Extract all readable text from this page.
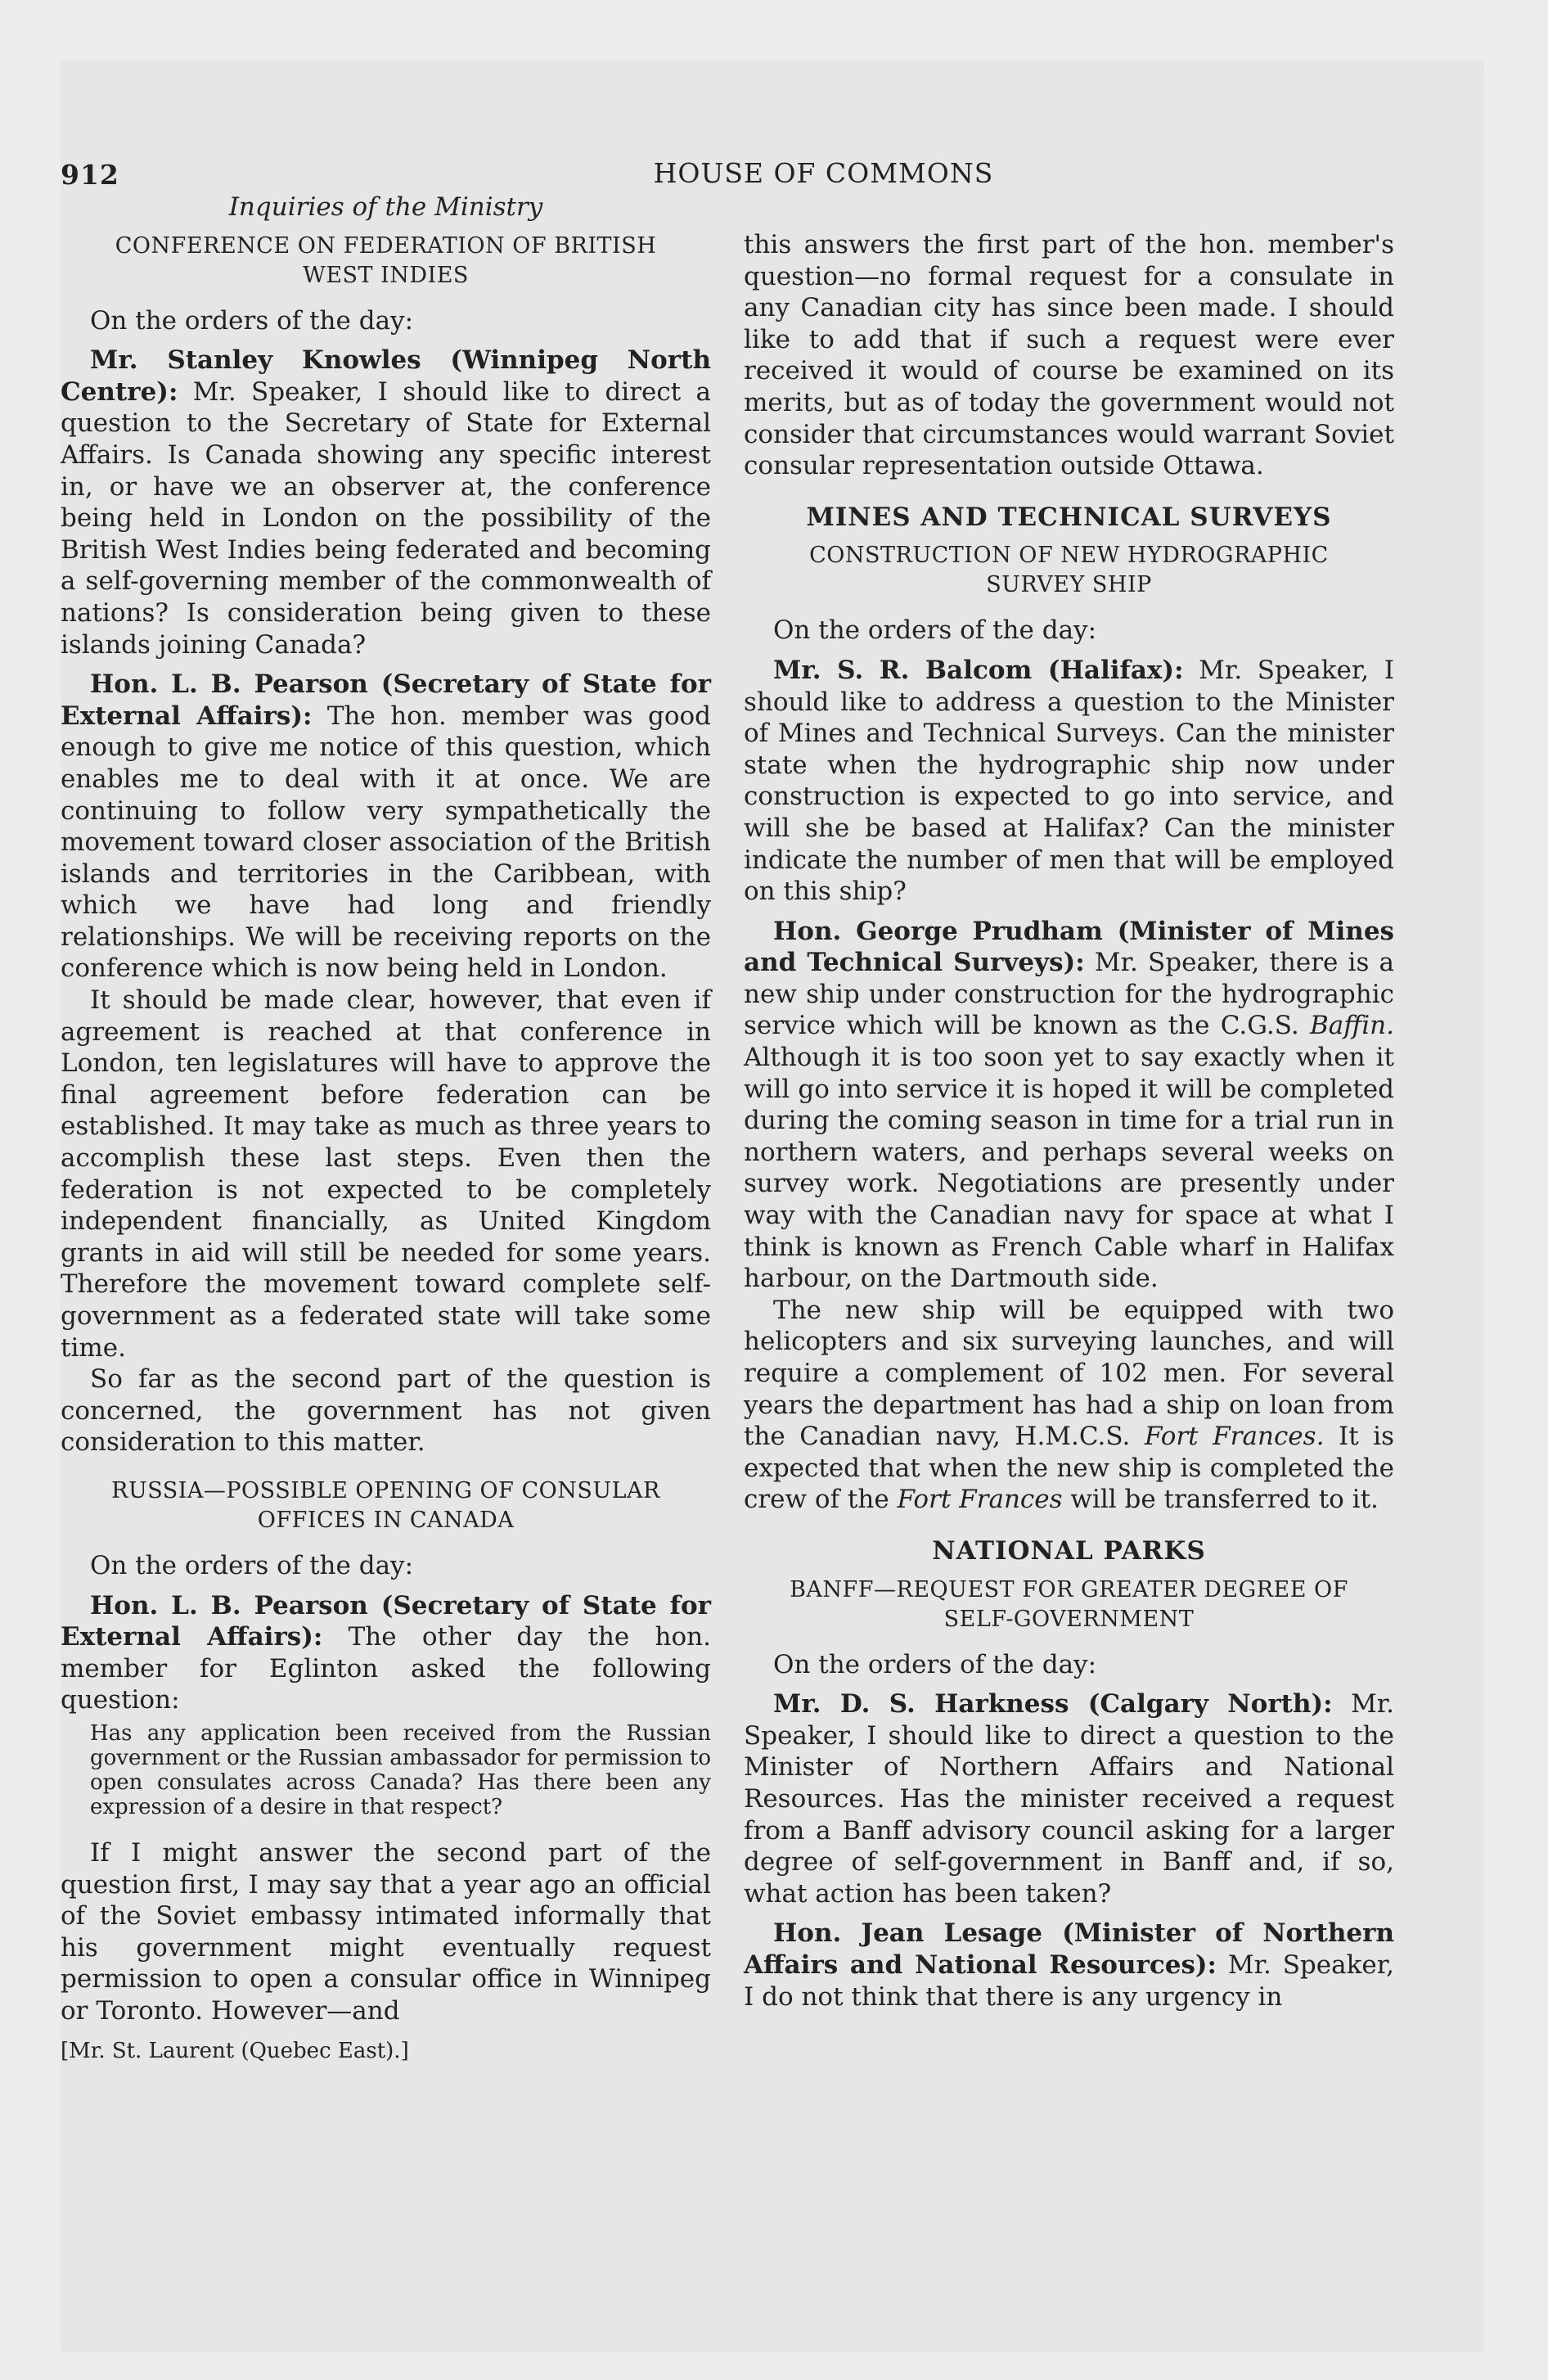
912	HOUSE OF COMMONS
Inquiries of the Ministry
CONFERENCE ON FEDERATION OF BRITISH WEST INDIES

On the orders of the day:

Mr. Stanley Knowles (Winnipeg North Centre): Mr. Speaker, I should like to direct a question to the Secretary of State for External Affairs. Is Canada showing any specific interest in, or have we an observer at, the conference being held in London on the possibility of the British West Indies being federated and becoming a self-governing member of the commonwealth of nations? Is consideration being given to these islands joining Canada?

Hon. L. B. Pearson (Secretary of State for External Affairs): The hon. member was good enough to give me notice of this question, which enables me to deal with it at once. We are continuing to follow very sympathetically the movement toward closer association of the British islands and territories in the Caribbean, with which we have had long and friendly relationships. We will be receiving reports on the conference which is now being held in London.

It should be made clear, however, that even if agreement is reached at that conference in London, ten legislatures will have to approve the final agreement before federation can be established. It may take as much as three years to accomplish these last steps. Even then the federation is not expected to be completely independent financially, as United Kingdom grants in aid will still be needed for some years. Therefore the movement toward complete self-government as a federated state will take some time.

So far as the second part of the question is concerned, the government has not given consideration to this matter.

RUSSIA—POSSIBLE OPENING OF CONSULAR OFFICES IN CANADA

On the orders of the day:

Hon. L. B. Pearson (Secretary of State for External Affairs): The other day the hon. member for Eglinton asked the following question:

Has any application been received from the Russian government or the Russian ambassador for permission to open consulates across Canada? Has there been any expression of a desire in that respect?

If I might answer the second part of the question first, I may say that a year ago an official of the Soviet embassy intimated informally that his government might eventually request permission to open a consular office in Winnipeg or Toronto. However—and

[Mr. St. Laurent (Quebec East).]

this answers the first part of the hon. member's question—no formal request for a consulate in any Canadian city has since been made. I should like to add that if such a request were ever received it would of course be examined on its merits, but as of today the government would not consider that circumstances would warrant Soviet consular representation outside Ottawa.

MINES AND TECHNICAL SURVEYS
CONSTRUCTION OF NEW HYDROGRAPHIC SURVEY SHIP

On the orders of the day:

Mr. S. R. Balcom (Halifax): Mr. Speaker, I should like to address a question to the Minister of Mines and Technical Surveys. Can the minister state when the hydrographic ship now under construction is expected to go into service, and will she be based at Halifax? Can the minister indicate the number of men that will be employed on this ship?

Hon. George Prudham (Minister of Mines and Technical Surveys): Mr. Speaker, there is a new ship under construction for the hydrographic service which will be known as the C.G.S. Baffin. Although it is too soon yet to say exactly when it will go into service it is hoped it will be completed during the coming season in time for a trial run in northern waters, and perhaps several weeks on survey work. Negotiations are presently under way with the Canadian navy for space at what I think is known as French Cable wharf in Halifax harbour, on the Dartmouth side.

The new ship will be equipped with two helicopters and six surveying launches, and will require a complement of 102 men. For several years the department has had a ship on loan from the Canadian navy, H.M.C.S. Fort Frances. It is expected that when the new ship is completed the crew of the Fort Frances will be transferred to it.

NATIONAL PARKS
BANFF—REQUEST FOR GREATER DEGREE OF SELF-GOVERNMENT

On the orders of the day:

Mr. D. S. Harkness (Calgary North): Mr. Speaker, I should like to direct a question to the Minister of Northern Affairs and National Resources. Has the minister received a request from a Banff advisory council asking for a larger degree of self-government in Banff and, if so, what action has been taken?

Hon. Jean Lesage (Minister of Northern Affairs and National Resources): Mr. Speaker, I do not think that there is any urgency in
